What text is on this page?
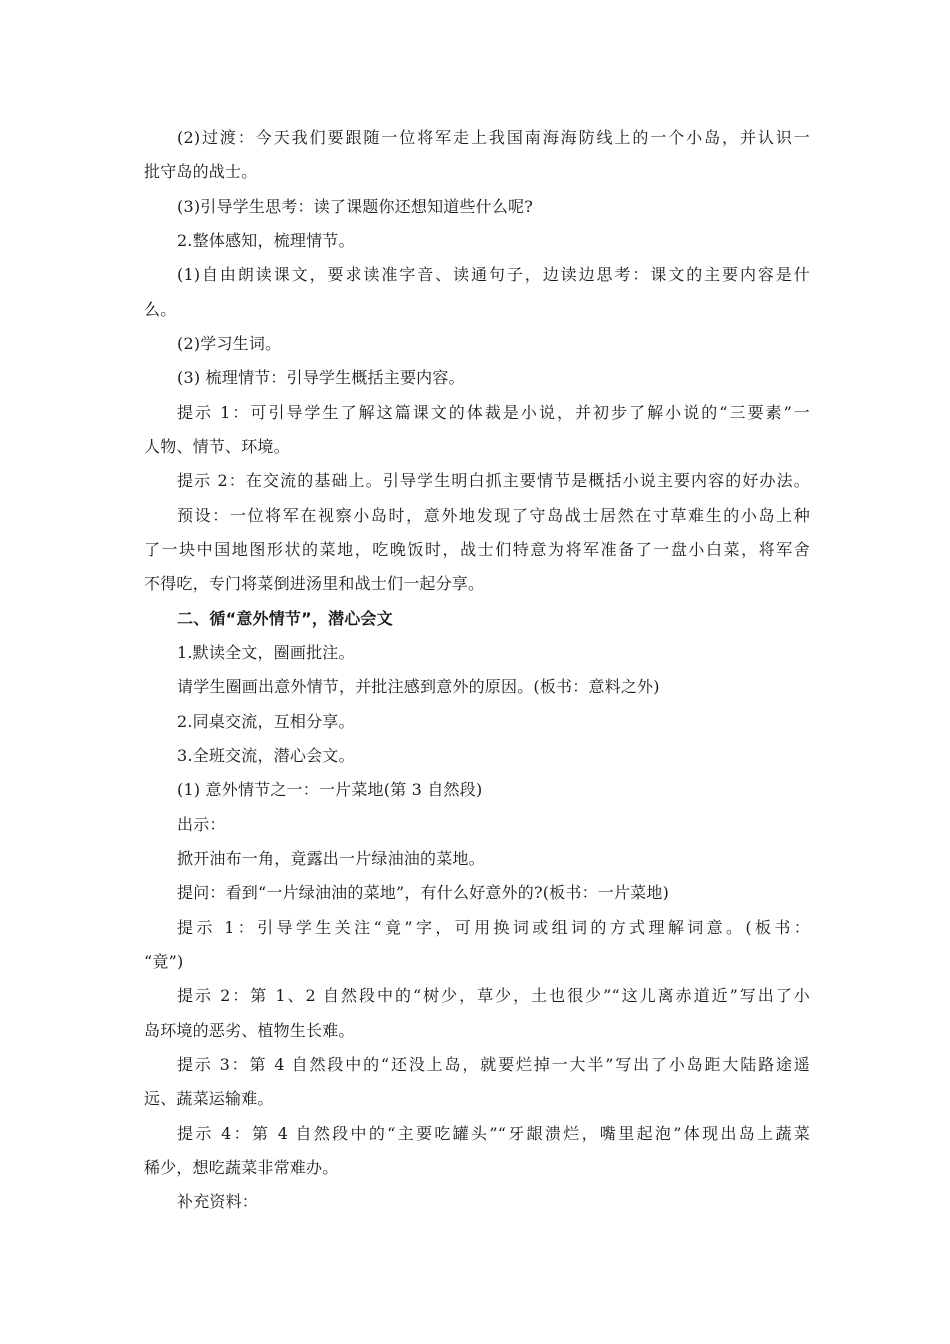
(2)过渡：今天我们要跟随一位将军走上我国南海海防线上的一个小岛，并认识一
批守岛的战士。
(3)引导学生思考：读了课题你还想知道些什么呢?
2.整体感知，梳理情节。
(1)自由朗读课文，要求读准字音、读通句子，边读边思考：课文的主要内容是什
么。
(2)学习生词。
(3) 梳理情节：引导学生概括主要内容。
提示 1：可引导学生了解这篇课文的体裁是小说，并初步了解小说的“三要素”一
人物、情节、环境。
提示 2：在交流的基础上。引导学生明白抓主要情节是概括小说主要内容的好办法。
预设：一位将军在视察小岛时，意外地发现了守岛战士居然在寸草难生的小岛上种
了一块中国地图形状的菜地，吃晚饭时，战士们特意为将军准备了一盘小白菜，将军舍
不得吃，专门将菜倒进汤里和战士们一起分享。
二、循“意外情节”，潜心会文
1.默读全文，圈画批注。
请学生圈画出意外情节，并批注感到意外的原因。(板书：意料之外)
2.同桌交流，互相分享。
3.全班交流，潜心会文。
(1) 意外情节之一：一片菜地(第 3 自然段)
出示：
掀开油布一角，竟露出一片绿油油的菜地。
提问：看到“一片绿油油的菜地”，有什么好意外的?(板书：一片菜地)
提示 1：引导学生关注“竟”字，可用换词或组词的方式理解词意。(板书：
“竟”)
提示 2：第 1、2 自然段中的“树少，草少，土也很少”“这儿离赤道近”写出了小
岛环境的恶劣、植物生长难。
提示 3：第 4 自然段中的“还没上岛，就要烂掉一大半”写出了小岛距大陆路途遥
远、蔬菜运输难。
提示 4：第 4 自然段中的“主要吃罐头”“牙龈溃烂，嘴里起泡”体现出岛上蔬菜
稀少，想吃蔬菜非常难办。
补充资料：
